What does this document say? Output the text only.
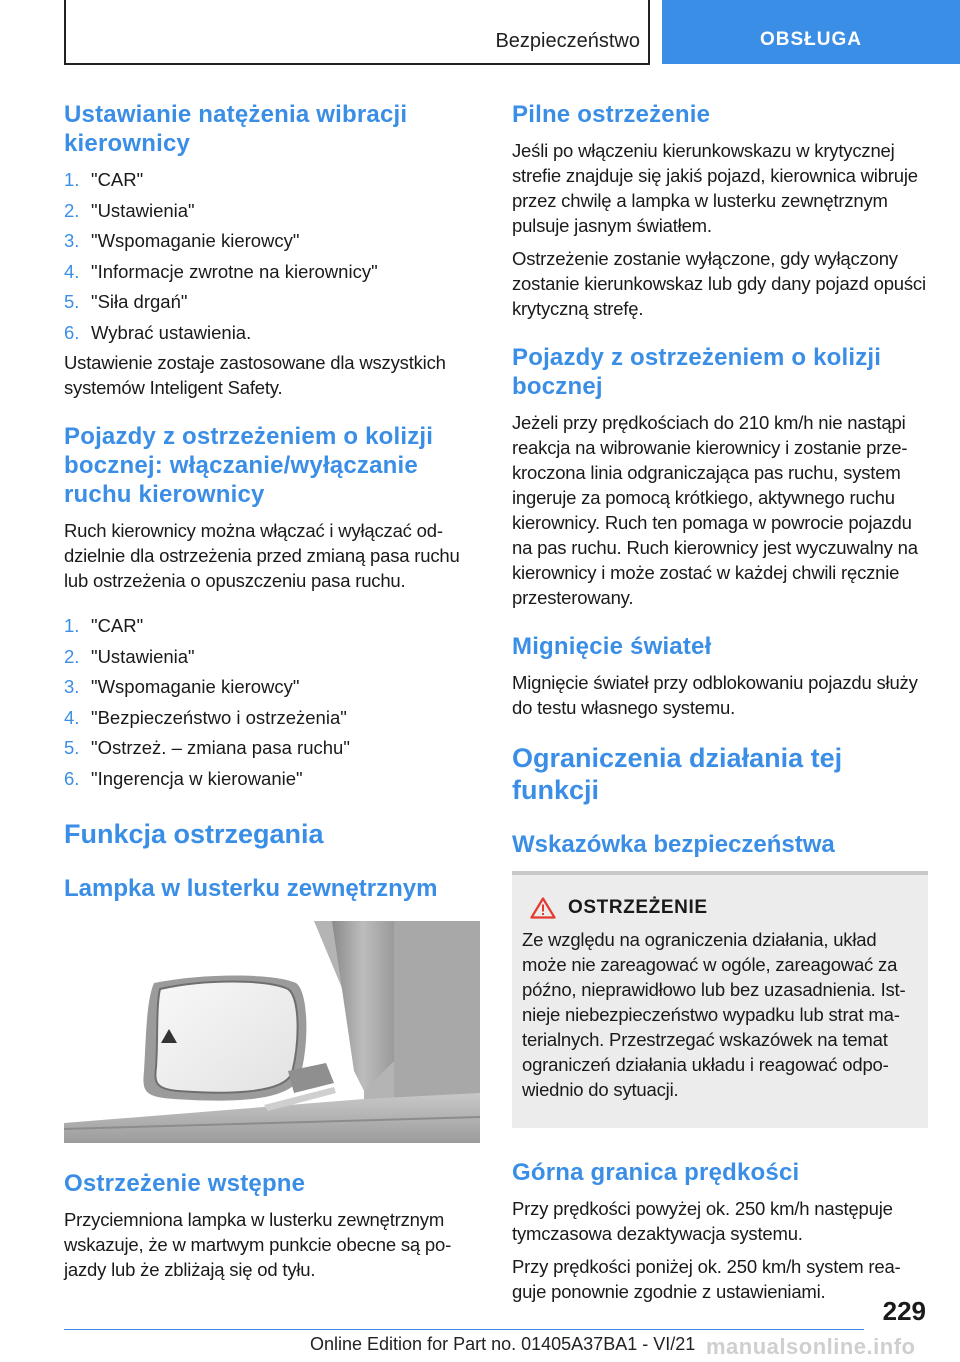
Bezpieczeństwo	OBSŁUGA
Ustawianie natężenia wibracji kierownicy
1. "CAR"
2. "Ustawienia"
3. "Wspomaganie kierowcy"
4. "Informacje zwrotne na kierownicy"
5. "Siła drgań"
6. Wybrać ustawienia.

Ustawienie zostaje zastosowane dla wszystkich systemów Inteligent Safety.

Pojazdy z ostrzeżeniem o kolizji bocznej: włączanie/wyłączanie ruchu kierownicy

Ruch kierownicy można włączać i wyłączać oddzielnie dla ostrzeżenia przed zmianą pasa ruchu lub ostrzeżenia o opuszczeniu pasa ruchu.

1. "CAR"
2. "Ustawienia"
3. "Wspomaganie kierowcy"
4. "Bezpieczeństwo i ostrzeżenia"
5. "Ostrzeż. – zmiana pasa ruchu"
6. "Ingerencja w kierowanie"
Funkcja ostrzegania
Lampka w lusterku zewnętrznym
Ostrzeżenie wstępne

Przyciemniona lampka w lusterku zewnętrznym wskazuje, że w martwym punkcie obecne są pojazdy lub że zbliżają się od tyłu.

Pilne ostrzeżenie

Jeśli po włączeniu kierunkowskazu w krytycznej strefie znajduje się jakiś pojazd, kierownica wibruje przez chwilę a lampka w lusterku zewnętrznym pulsuje jasnym światłem.

Ostrzeżenie zostanie wyłączone, gdy wyłączony zostanie kierunkowskaz lub gdy dany pojazd opuści krytyczną strefę.

Pojazdy z ostrzeżeniem o kolizji bocznej

Jeżeli przy prędkościach do 210 km/h nie nastąpi reakcja na wibrowanie kierownicy i zostanie przekroczona linia odgraniczająca pas ruchu, system ingeruje za pomocą krótkiego, aktywnego ruchu kierownicy. Ruch ten pomaga w powrocie pojazdu na pas ruchu. Ruch kierownicy jest wyczuwalny na kierownicy i może zostać w każdej chwili ręcznie przesterowany.

Mignięcie świateł

Mignięcie świateł przy odblokowaniu pojazdu służy do testu własnego systemu.

Ograniczenia działania tej funkcji
Wskazówka bezpieczeństwa
OSTRZEŻENIE

Ze względu na ograniczenia działania, układ może nie zareagować w ogóle, zareagować za późno, nieprawidłowo lub bez uzasadnienia. Istnieje niebezpieczeństwo wypadku lub strat materialnych. Przestrzegać wskazówek na temat ograniczeń działania układu i reagować odpowiednio do sytuacji.

Górna granica prędkości

Przy prędkości powyżej ok. 250 km/h następuje tymczasowa dezaktywacja systemu.

Przy prędkości poniżej ok. 250 km/h system reaguje ponownie zgodnie z ustawieniami.

229
Online Edition for Part no. 01405A37BA1 - VI/21 manualsonline.info
